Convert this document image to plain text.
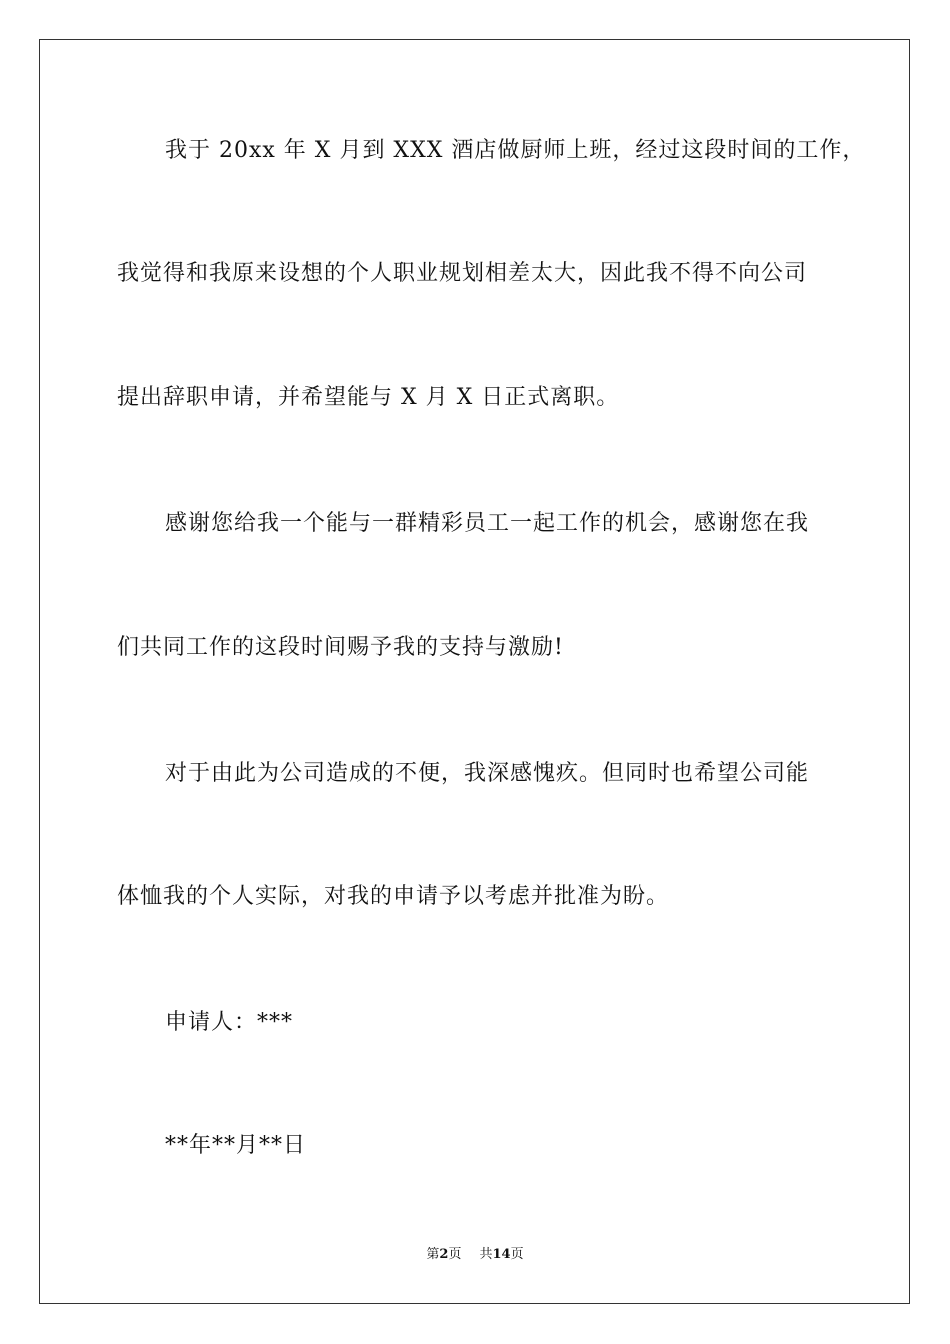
我于 20xx 年 X 月到 XXX 酒店做厨师上班，经过这段时间的工作，
我觉得和我原来设想的个人职业规划相差太大，因此我不得不向公司
提出辞职申请，并希望能与 X 月 X 日正式离职。
感谢您给我一个能与一群精彩员工一起工作的机会，感谢您在我
们共同工作的这段时间赐予我的支持与激励!
对于由此为公司造成的不便，我深感愧疚。但同时也希望公司能
体恤我的个人实际，对我的申请予以考虑并批准为盼。
申请人：***
**年**月**日
第2页 共14页
